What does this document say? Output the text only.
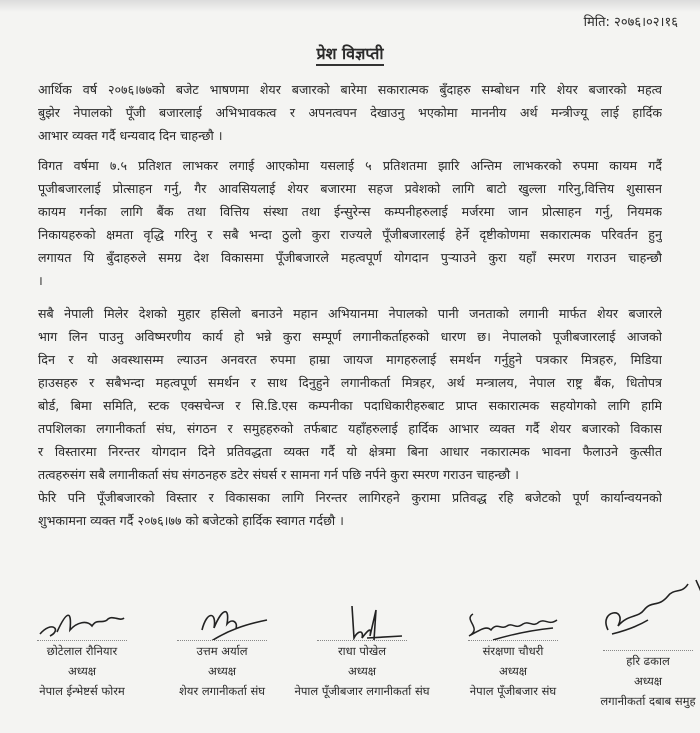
मिति: २०७६।०२।१६
प्रेश विज्ञप्ती
आर्थिक वर्ष २०७६।७७को बजेट भाषणमा शेयर बजारको बारेमा सकारात्मक बुँदाहरु सम्बोधन गरि शेयर बजारको महत्व
बुझेर नेपालको पूँजी बजारलाई अभिभावकत्व र अपनत्वपन देखाउनु भएकोमा माननीय अर्थ मन्त्रीज्यू लाई हार्दिक
आभार व्यक्त गर्दै धन्यवाद दिन चाहन्छौ ।
विगत वर्षमा ७.५ प्रतिशत लाभकर लगाई आएकोमा यसलाई ५ प्रतिशतमा झारि अन्तिम लाभकरको रुपमा कायम गर्दै
पूजीबजारलाई प्रोत्साहन गर्नु, गैर आवसियलाई शेयर बजारमा सहज प्रवेशको लागि बाटो खुल्ला गरिनु,वित्तिय शुसासन
कायम गर्नका लागि बैंक तथा वित्तिय संस्था तथा ईन्सुरेन्स कम्पनीहरुलाई मर्जरमा जान प्रोत्साहन गर्नु, नियमक
निकायहरुको क्षमता वृद्धि गरिनु र सबै भन्दा ठुलो कुरा राज्यले पूँजीबजारलाई हेर्ने दृष्टीकोणमा सकारात्मक परिवर्तन हुनु
लगायत यि बुँदाहरुले समग्र देश विकासमा पूँजीबजारले महत्वपूर्ण योगदान पुर्‍याउने कुरा यहाँ स्मरण गराउन चाहन्छौ
।
सबै नेपाली मिलेर देशको मुहार हसिलो बनाउने महान अभियानमा नेपालको पानी जनताको लगानी मार्फत शेयर बजारले
भाग लिन पाउनु अविष्मरणीय कार्य हो भन्ने कुरा सम्पूर्ण लगानीकर्ताहरुको धारण छ। नेपालको पूजीबजारलाई आजको
दिन र यो अवस्थासम्म ल्याउन अनवरत रुपमा हाम्रा जायज मागहरुलाई समर्थन गर्नुहुने पत्रकार मित्रहरु, मिडिया
हाउसहरु र सबैभन्दा महत्वपूर्ण समर्थन र साथ दिनुहुने लगानीकर्ता मित्रहर, अर्थ मन्त्रालय, नेपाल राष्ट्र बैंक, धितोपत्र
बोर्ड, बिमा समिति, स्टक एक्सचेन्ज र सि.डि.एस कम्पनीका पदाधिकारीहरुबाट प्राप्त सकारात्मक सहयोगको लागि हामि
तपशिलका लगानीकर्ता संघ, संगठन र समुहहरुको तर्फबाट यहाँहरुलाई हार्दिक आभार व्यक्त गर्दै शेयर बजारको विकास
र विस्तारमा निरन्तर योगदान दिने प्रतिवद्धता व्यक्त गर्दै यो क्षेत्रमा बिना आधार नकारात्मक भावना फैलाउने कुत्सीत
तत्वहरुसंग सबै लगानीकर्ता संघ संगठनहरु डटेर संघर्स र सामना गर्न पछि नर्पने कुरा स्मरण गराउन चाहन्छौ ।
फेरि पनि पूँजीबजारको विस्तार र विकासका लागि निरन्तर लागिरहने कुरामा प्रतिवद्ध रहि बजेटको पूर्ण कार्यान्वयनको
शुभकामना व्यक्त गर्दै २०७६।७७ को बजेटको हार्दिक स्वागत गर्दछौ ।
छोटेलाल रौनियार
अध्यक्ष
नेपाल ईन्भेष्टर्स फोरम
उत्तम अर्याल
अध्यक्ष
शेयर लगानीकर्ता संघ
राधा पोखेल
अध्यक्ष
नेपाल पूँजीबजार लगानीकर्ता संघ
संरक्षणा चौधरी
अध्यक्ष
नेपाल पूँजीबजार संघ
हरि ढकाल
अध्यक्ष
लगानीकर्ता दबाब समुह
